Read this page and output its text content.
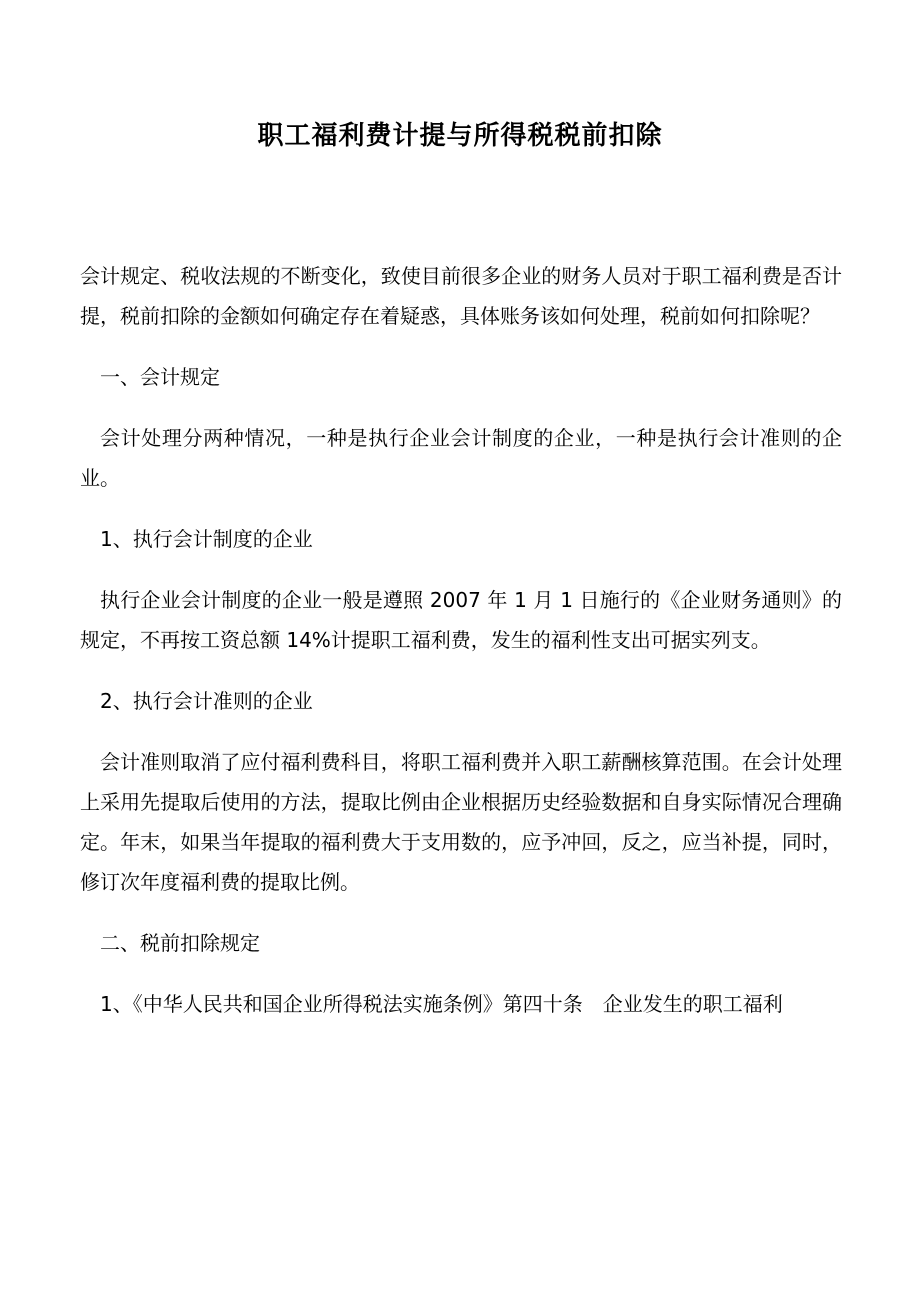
职工福利费计提与所得税税前扣除

会计规定、税收法规的不断变化，致使目前很多企业的财务人员对于职工福利费是否计提，税前扣除的金额如何确定存在着疑惑，具体账务该如何处理，税前如何扣除呢？

一、会计规定

会计处理分两种情况，一种是执行企业会计制度的企业，一种是执行会计准则的企业。

1、执行会计制度的企业

执行企业会计制度的企业一般是遵照 2007 年 1 月 1 日施行的《企业财务通则》的规定，不再按工资总额 14%计提职工福利费，发生的福利性支出可据实列支。

2、执行会计准则的企业

会计准则取消了应付福利费科目，将职工福利费并入职工薪酬核算范围。在会计处理上采用先提取后使用的方法，提取比例由企业根据历史经验数据和自身实际情况合理确定。年末，如果当年提取的福利费大于支用数的，应予冲回，反之，应当补提，同时，修订次年度福利费的提取比例。

二、税前扣除规定

1、《中华人民共和国企业所得税法实施条例》第四十条　企业发生的职工福利
